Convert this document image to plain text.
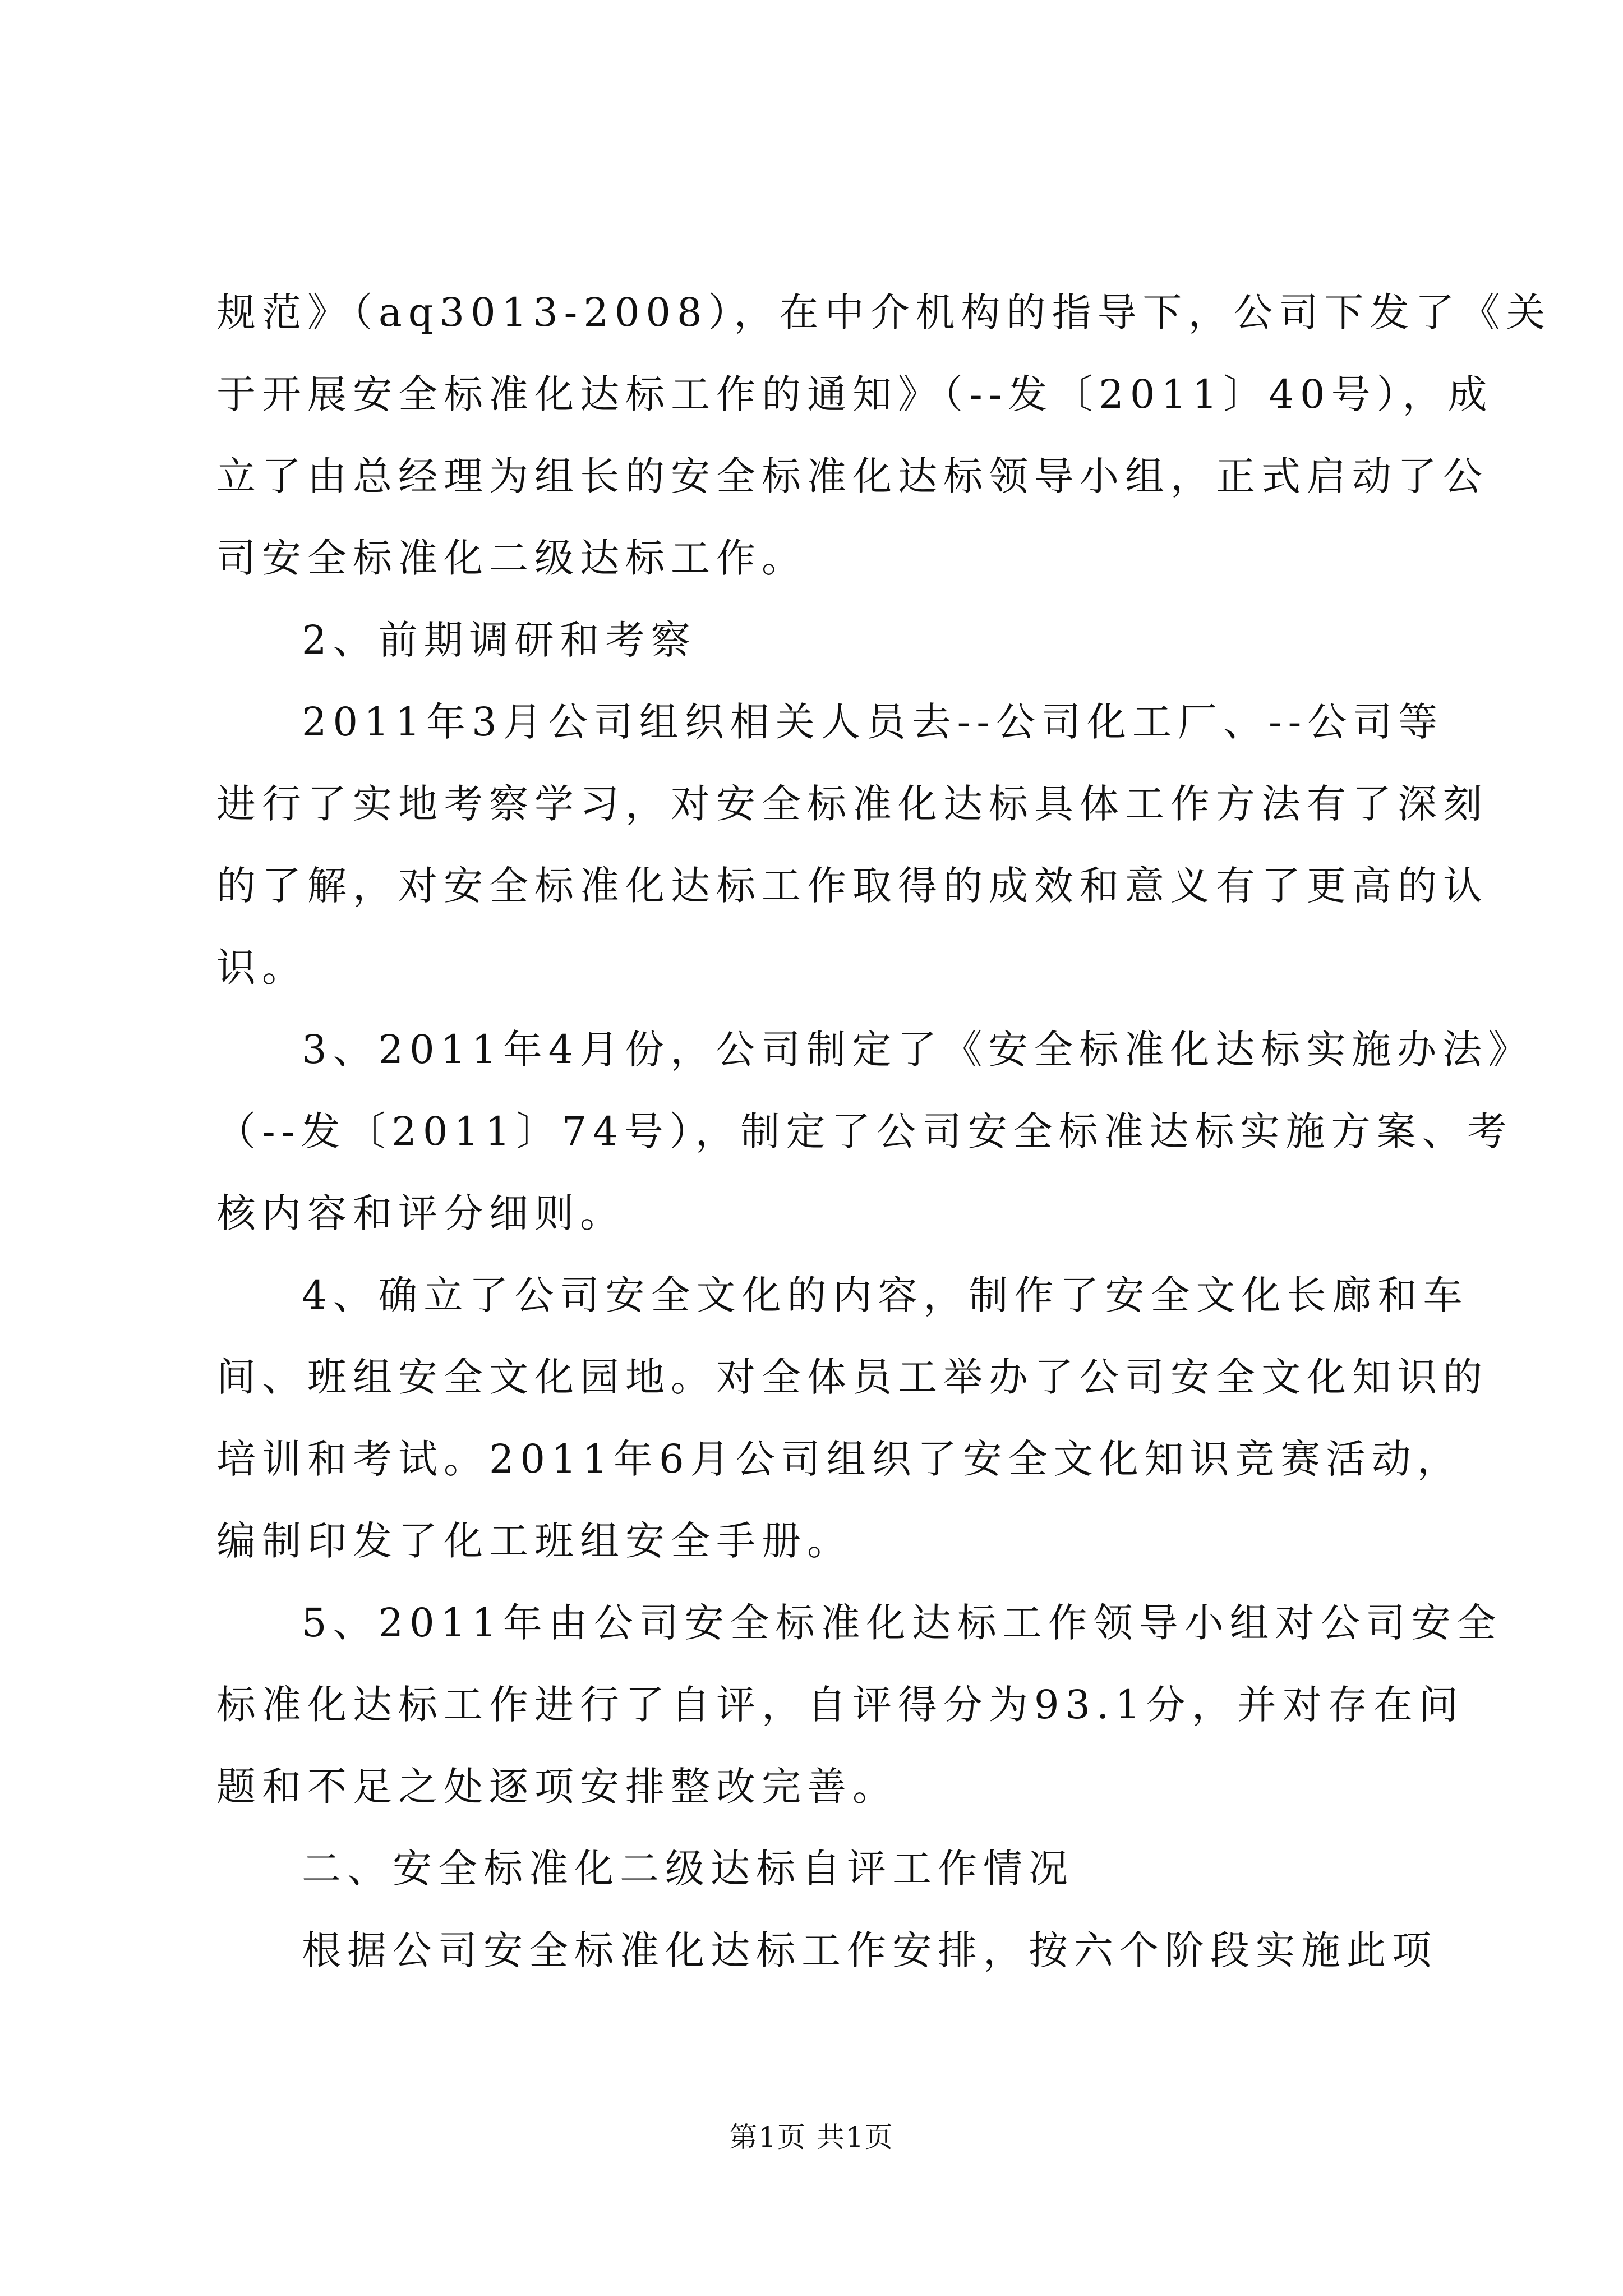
规范》（aq3013-2008），在中介机构的指导下，公司下发了《关
于开展安全标准化达标工作的通知》（--发〔2011〕40号），成
立了由总经理为组长的安全标准化达标领导小组，正式启动了公
司安全标准化二级达标工作。
2、前期调研和考察
2011年3月公司组织相关人员去--公司化工厂、--公司等
进行了实地考察学习，对安全标准化达标具体工作方法有了深刻
的了解，对安全标准化达标工作取得的成效和意义有了更高的认
识。
3、2011年4月份，公司制定了《安全标准化达标实施办法》
（--发〔2011〕74号），制定了公司安全标准达标实施方案、考
核内容和评分细则。
4、确立了公司安全文化的内容，制作了安全文化长廊和车
间、班组安全文化园地。对全体员工举办了公司安全文化知识的
培训和考试。2011年6月公司组织了安全文化知识竞赛活动，
编制印发了化工班组安全手册。
5、2011年由公司安全标准化达标工作领导小组对公司安全
标准化达标工作进行了自评，自评得分为93.1分，并对存在问
题和不足之处逐项安排整改完善。
二、安全标准化二级达标自评工作情况
根据公司安全标准化达标工作安排，按六个阶段实施此项
第1页 共1页
